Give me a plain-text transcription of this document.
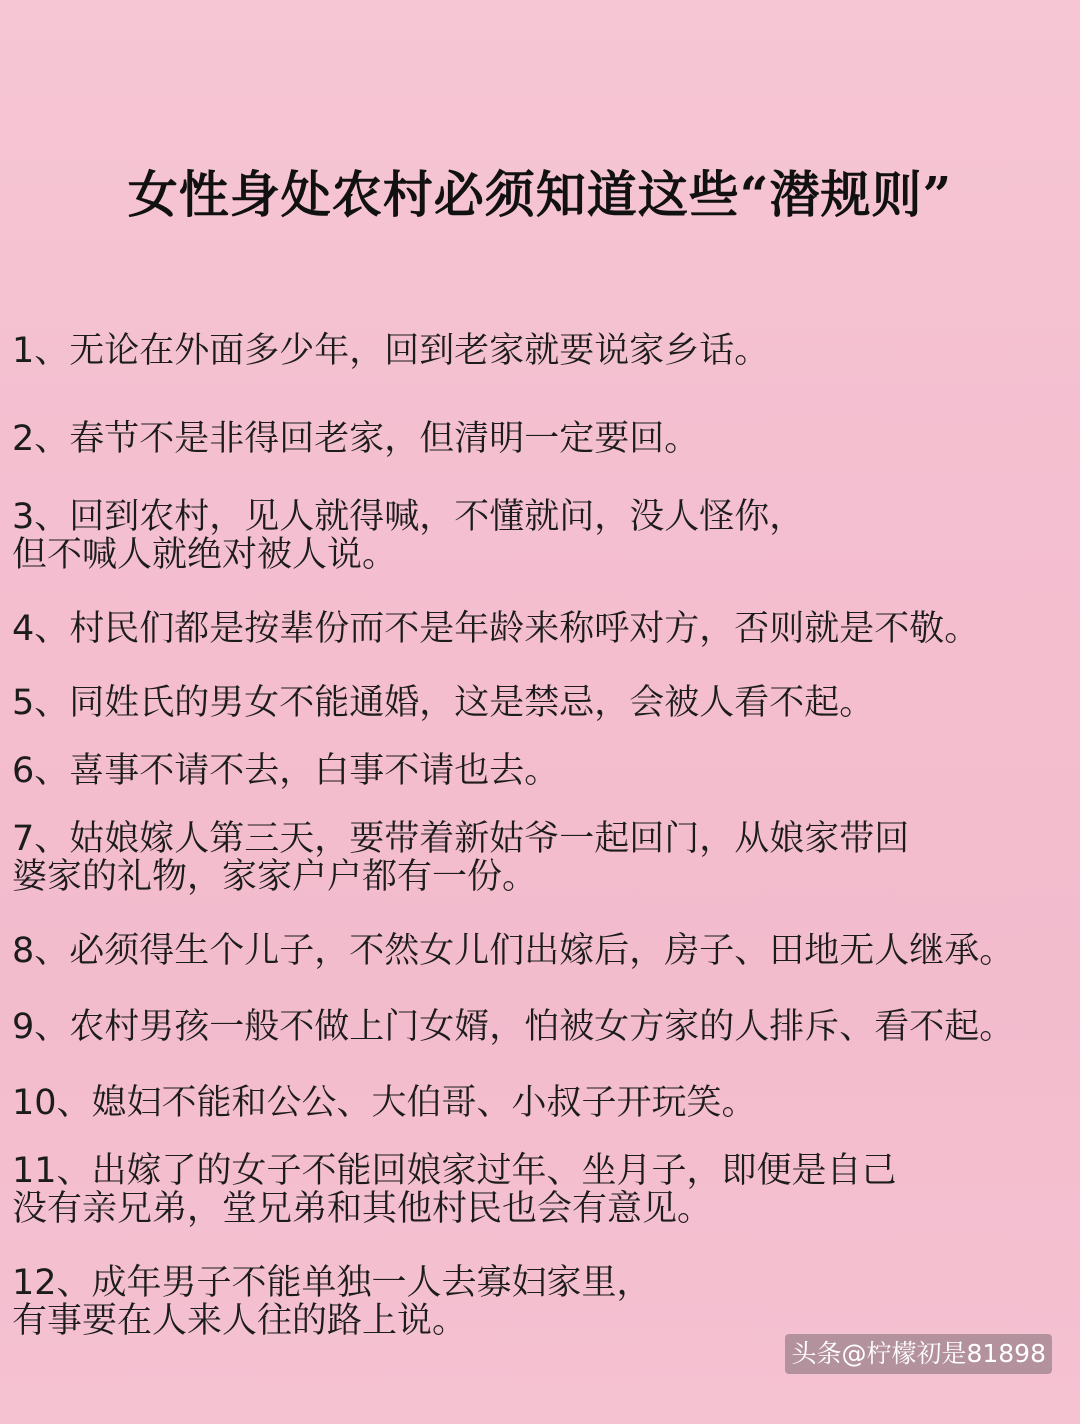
女性身处农村必须知道这些“潜规则”
1、无论在外面多少年，回到老家就要说家乡话。
2、春节不是非得回老家，但清明一定要回。
3、回到农村，见人就得喊，不懂就问，没人怪你，
但不喊人就绝对被人说。
4、村民们都是按辈份而不是年龄来称呼对方，否则就是不敬。
5、同姓氏的男女不能通婚，这是禁忌，会被人看不起。
6、喜事不请不去，白事不请也去。
7、姑娘嫁人第三天，要带着新姑爷一起回门，从娘家带回
婆家的礼物，家家户户都有一份。
8、必须得生个儿子，不然女儿们出嫁后，房子、田地无人继承。
9、农村男孩一般不做上门女婿，怕被女方家的人排斥、看不起。
10、媳妇不能和公公、大伯哥、小叔子开玩笑。
11、出嫁了的女子不能回娘家过年、坐月子，即便是自己
没有亲兄弟，堂兄弟和其他村民也会有意见。
12、成年男子不能单独一人去寡妇家里，
有事要在人来人往的路上说。
头条@柠檬初是81898
